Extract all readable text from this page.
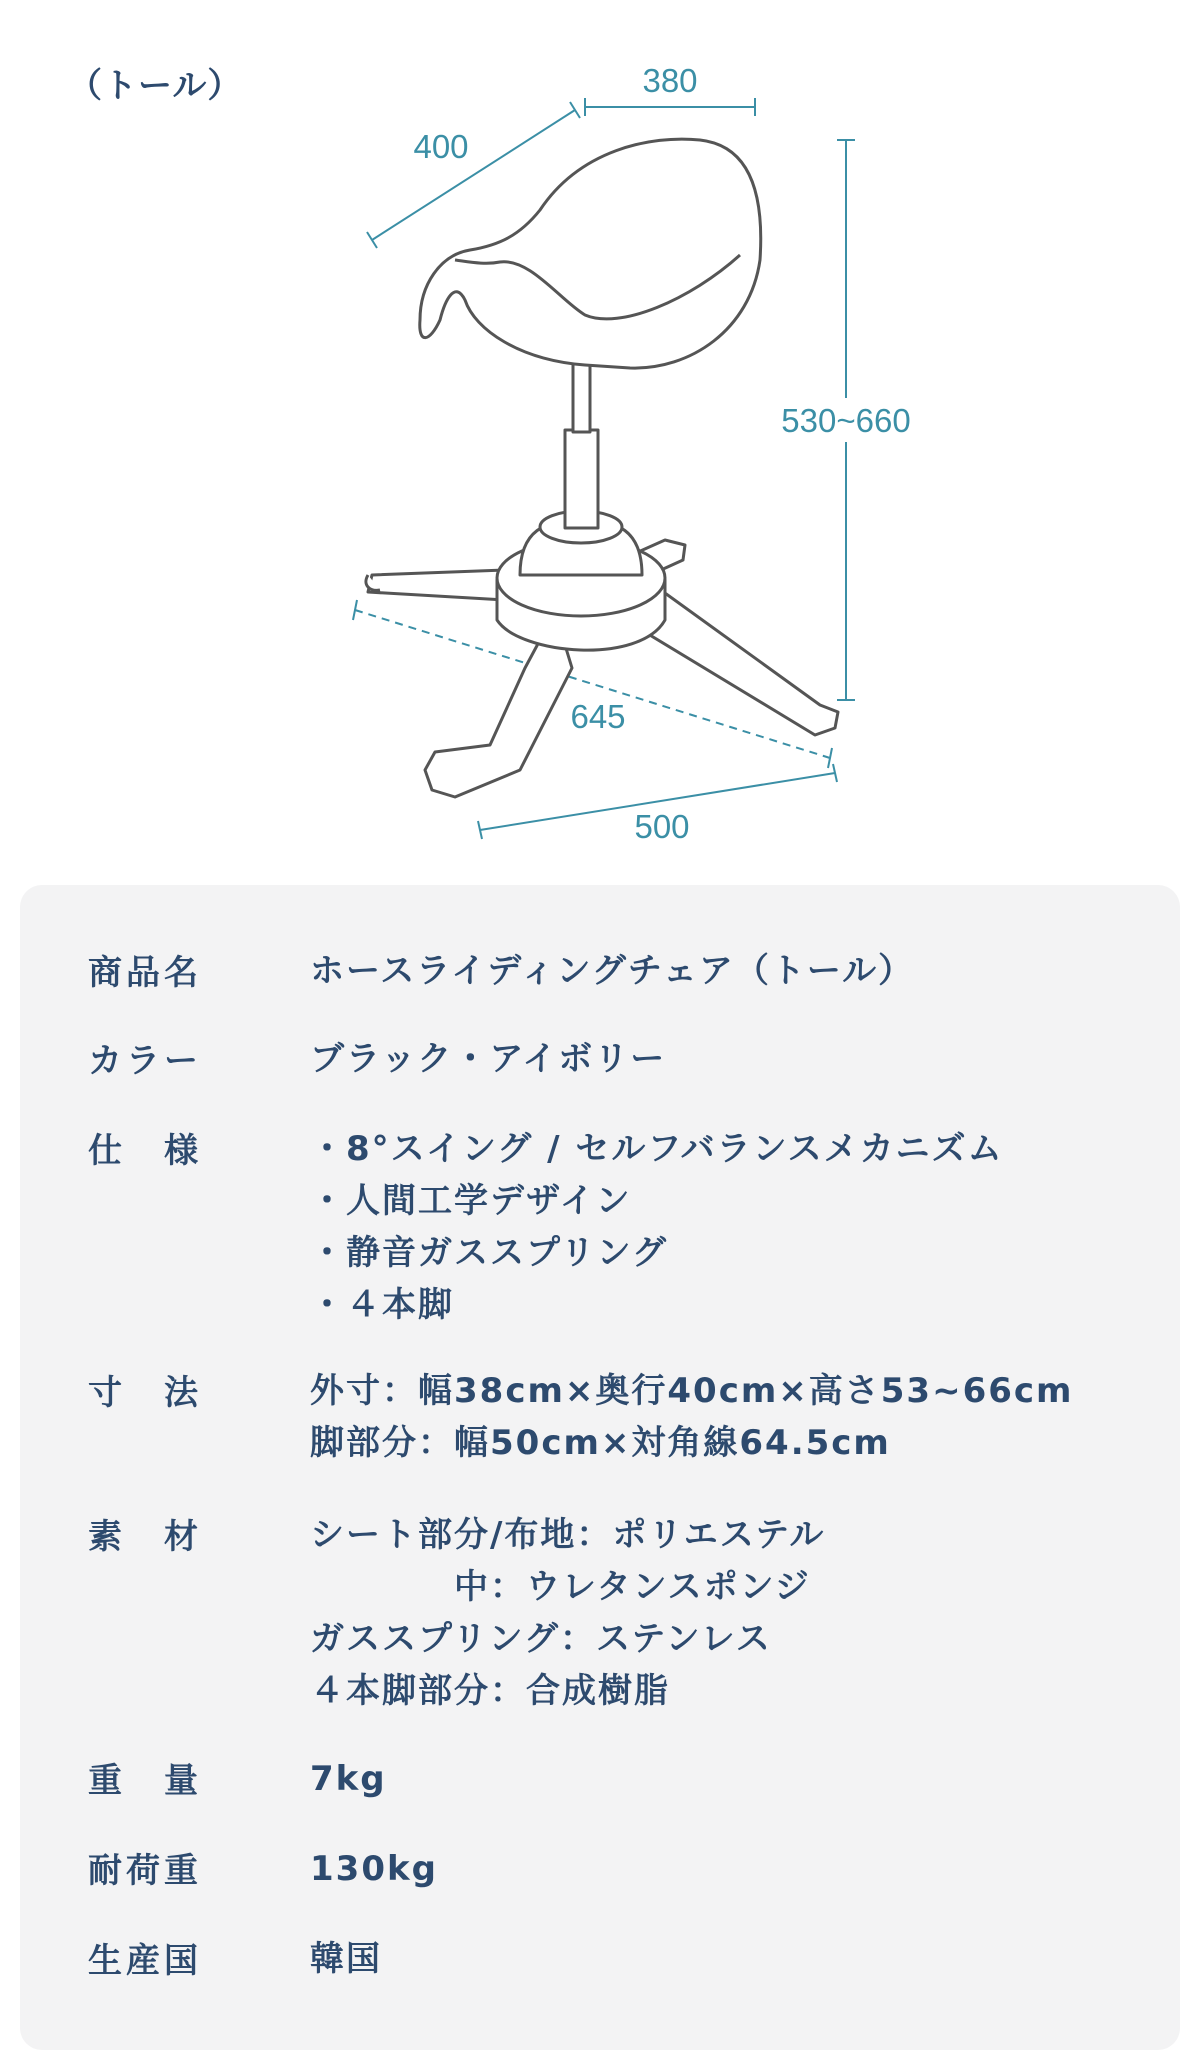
（トール）	380
400
530~660
645
500
商品名	ホースライディングチェア（トール）
カラー	ブラック・アイボリー
仕　様	・8°スイング / セルフバランスメカニズム
・人間工学デザイン
・静音ガススプリング
・４本脚
寸　法	外寸：幅38cm×奥行40cm×高さ53~66cm
脚部分：幅50cm×対角線64.5cm
素　材	シート部分/布地：ポリエステル
　　　　中：ウレタンスポンジ
ガススプリング：ステンレス
４本脚部分：合成樹脂
重　量	7kg
耐荷重	130kg
生産国	韓国
